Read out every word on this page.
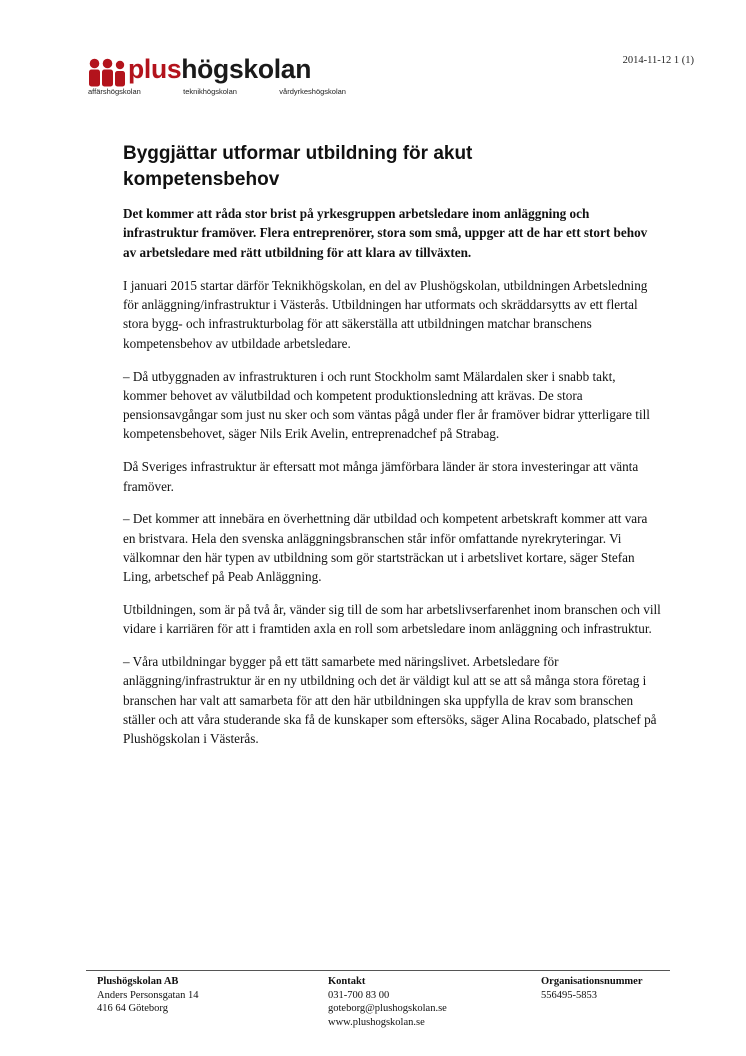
plushögskolan
affärshögskolan	teknikhögskolan	vårdyrkeshögskolan
2014-11-12 1 (1)
Byggjättar utformar utbildning för akut kompetensbehov

Det kommer att råda stor brist på yrkesgruppen arbetsledare inom anläggning och infrastruktur framöver. Flera entreprenörer, stora som små, uppger att de har ett stort behov av arbetsledare med rätt utbildning för att klara av tillväxten.

I januari 2015 startar därför Teknikhögskolan, en del av Plushögskolan, utbildningen Arbetsledning för anläggning/infrastruktur i Västerås. Utbildningen har utformats och skräddarsytts av ett flertal stora bygg- och infrastrukturbolag för att säkerställa att utbildningen matchar branschens kompetensbehov av utbildade arbetsledare.

– Då utbyggnaden av infrastrukturen i och runt Stockholm samt Mälardalen sker i snabb takt, kommer behovet av välutbildad och kompetent produktionsledning att krävas. De stora pensionsavgångar som just nu sker och som väntas pågå under fler år framöver bidrar ytterligare till kompetensbehovet, säger Nils Erik Avelin, entreprenadchef på Strabag.

Då Sveriges infrastruktur är eftersatt mot många jämförbara länder är stora investeringar att vänta framöver.

– Det kommer att innebära en överhettning där utbildad och kompetent arbetskraft kommer att vara en bristvara. Hela den svenska anläggningsbranschen står inför omfattande nyrekryteringar. Vi välkomnar den här typen av utbildning som gör startsträckan ut i arbetslivet kortare, säger Stefan Ling, arbetschef på Peab Anläggning.

Utbildningen, som är på två år, vänder sig till de som har arbetslivserfarenhet inom branschen och vill vidare i karriären för att i framtiden axla en roll som arbetsledare inom anläggning och infrastruktur.

– Våra utbildningar bygger på ett tätt samarbete med näringslivet. Arbetsledare för anläggning/infrastruktur är en ny utbildning och det är väldigt kul att se att så många stora företag i branschen har valt att samarbeta för att den här utbildningen ska uppfylla de krav som branschen ställer och att våra studerande ska få de kunskaper som eftersöks, säger Alina Rocabado, platschef på Plushögskolan i Västerås.

Plushögskolan AB
Anders Personsgatan 14
416 64 Göteborg
Kontakt
031-700 83 00
goteborg@plushogskolan.se
www.plushogskolan.se
Organisationsnummer
556495-5853
